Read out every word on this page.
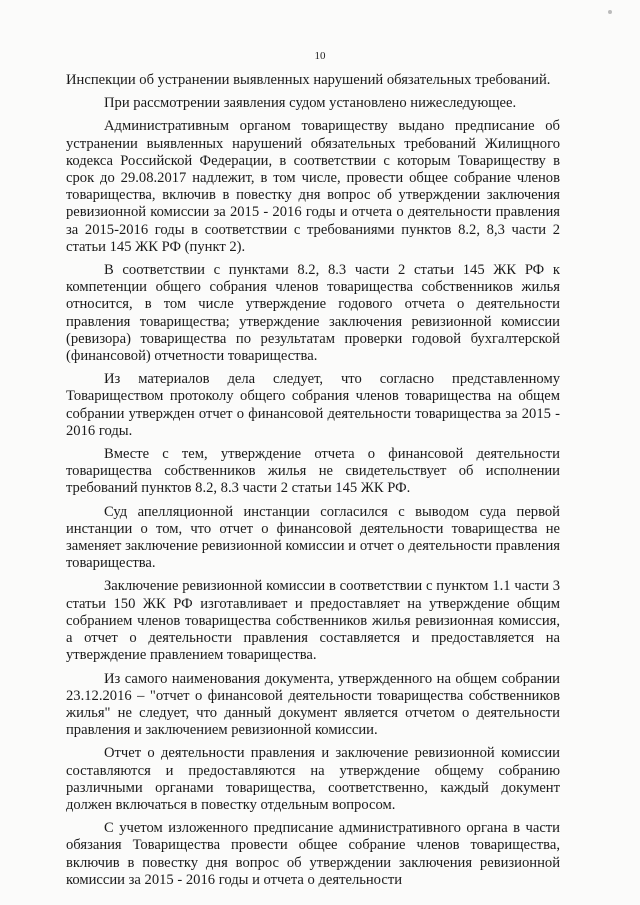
10

Инспекции об устранении выявленных нарушений обязательных требований.

При рассмотрении заявления судом установлено нижеследующее.

Административным органом товариществу выдано предписание об устранении выявленных нарушений обязательных требований Жилищного кодекса Российской Федерации, в соответствии с которым Товариществу в срок до 29.08.2017 надлежит, в том числе, провести общее собрание членов товарищества, включив в повестку дня вопрос об утверждении заключения ревизионной комиссии за 2015 - 2016 годы и отчета о деятельности правления за 2015-2016 годы в соответствии с требованиями пунктов 8.2, 8,3 части 2 статьи 145 ЖК РФ (пункт 2).

В соответствии с пунктами 8.2, 8.3 части 2 статьи 145 ЖК РФ к компетенции общего собрания членов товарищества собственников жилья относится, в том числе утверждение годового отчета о деятельности правления товарищества; утверждение заключения ревизионной комиссии (ревизора) товарищества по результатам проверки годовой бухгалтерской (финансовой) отчетности товарищества.

Из материалов дела следует, что согласно представленному Товариществом протоколу общего собрания членов товарищества на общем собрании утвержден отчет о финансовой деятельности товарищества за 2015 - 2016 годы.

Вместе с тем, утверждение отчета о финансовой деятельности товарищества собственников жилья не свидетельствует об исполнении требований пунктов 8.2, 8.3 части 2 статьи 145 ЖК РФ.

Суд апелляционной инстанции согласился с выводом суда первой инстанции о том, что отчет о финансовой деятельности товарищества не заменяет заключение ревизионной комиссии и отчет о деятельности правления товарищества.

Заключение ревизионной комиссии в соответствии с пунктом 1.1 части 3 статьи 150 ЖК РФ изготавливает и предоставляет на утверждение общим собранием членов товарищества собственников жилья ревизионная комиссия, а отчет о деятельности правления составляется и предоставляется на утверждение правлением товарищества.

Из самого наименования документа, утвержденного на общем собрании 23.12.2016 – "отчет о финансовой деятельности товарищества собственников жилья" не следует, что данный документ является отчетом о деятельности правления и заключением ревизионной комиссии.

Отчет о деятельности правления и заключение ревизионной комиссии составляются и предоставляются на утверждение общему собранию различными органами товарищества, соответственно, каждый документ должен включаться в повестку отдельным вопросом.

С учетом изложенного предписание административного органа в части обязания Товарищества провести общее собрание членов товарищества, включив в повестку дня вопрос об утверждении заключения ревизионной комиссии за 2015 - 2016 годы и отчета о деятельности
